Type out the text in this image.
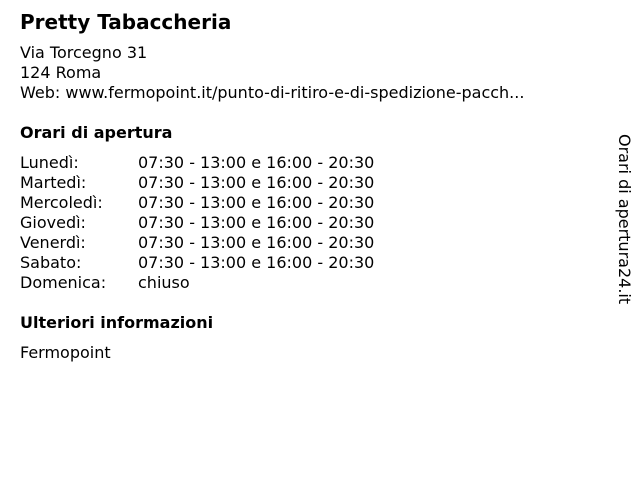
Pretty Tabaccheria
Via Torcegno 31
124 Roma
Web: www.fermopoint.it/punto-di-ritiro-e-di-spedizione-pacch...
Orari di apertura
Lunedì:	07:30 - 13:00 e 16:00 - 20:30
Martedì:	07:30 - 13:00 e 16:00 - 20:30
Mercoledì:	07:30 - 13:00 e 16:00 - 20:30
Giovedì:	07:30 - 13:00 e 16:00 - 20:30
Venerdì:	07:30 - 13:00 e 16:00 - 20:30
Sabato:	07:30 - 13:00 e 16:00 - 20:30
Domenica:	chiuso
Ulteriori informazioni
Fermopoint
Orari di apertura24.it
